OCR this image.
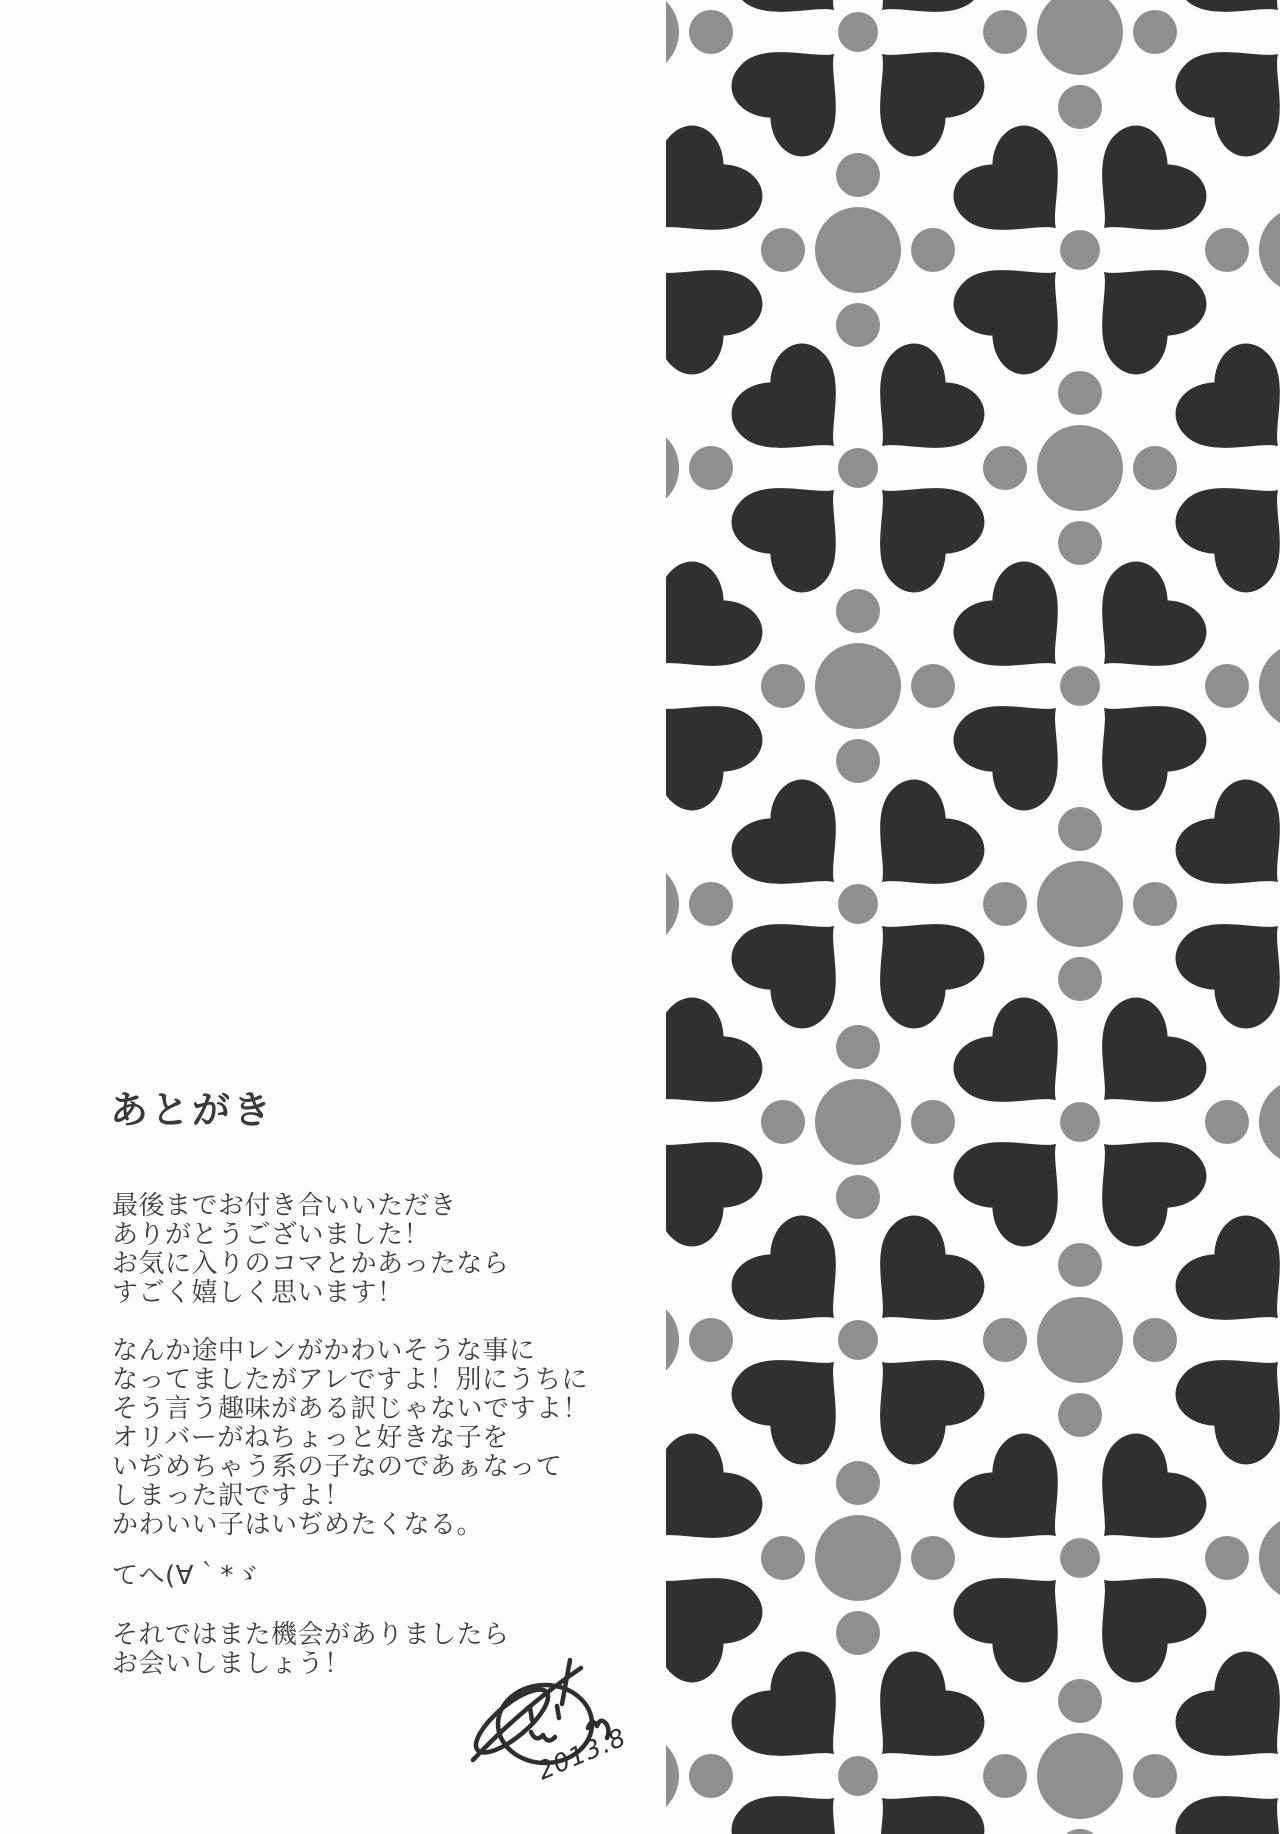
あとがき
最後までお付き合いいただき
ありがとうございました！
お気に入りのコマとかあったなら
すごく嬉しく思います！
なんか途中レンがかわいそうな事に
なってましたがアレですよ！別にうちに
そう言う趣味がある訳じゃないですよ！
オリバーがねちょっと好きな子を
いぢめちゃう系の子なのであぁなって
しまった訳ですよ！
かわいい子はいぢめたくなる。
てへ(∀｀*ゞ
それではまた機会がありましたら
お会いしましょう！
2013.8
